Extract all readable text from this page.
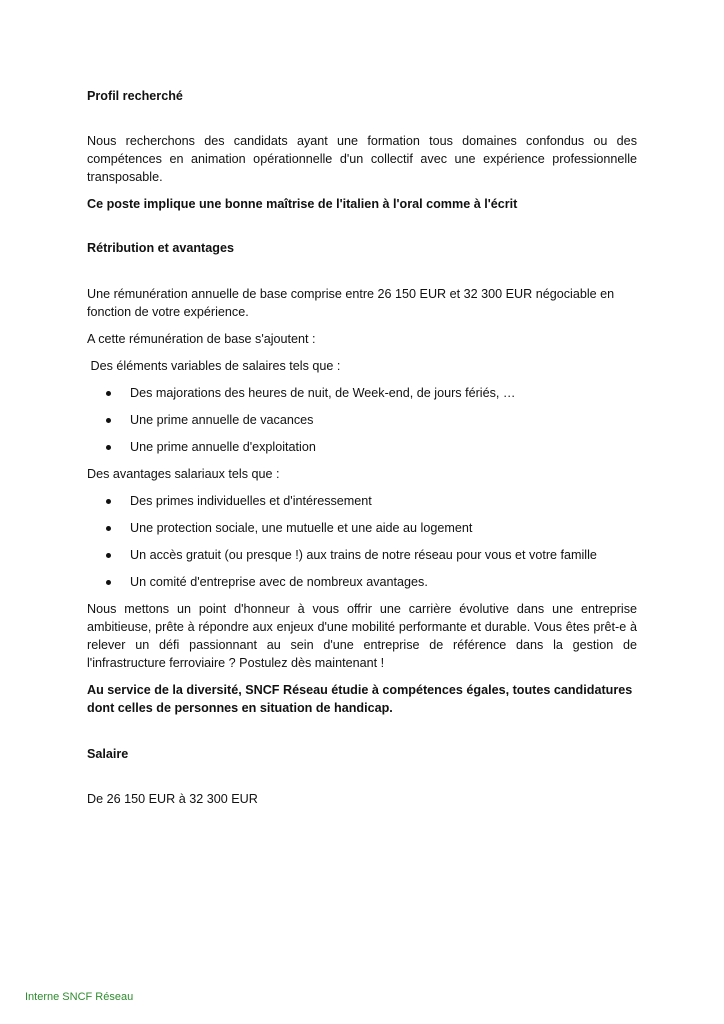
Profil recherché

Nous recherchons des candidats ayant une formation tous domaines confondus ou des compétences en animation opérationnelle d'un collectif avec une expérience professionnelle transposable.

Ce poste implique une bonne maîtrise de l'italien à l'oral comme à l'écrit

Rétribution et avantages

Une rémunération annuelle de base comprise entre 26 150 EUR et 32 300 EUR négociable en fonction de votre expérience.

A cette rémunération de base s'ajoutent :

Des éléments variables de salaires tels que :

Des majorations des heures de nuit, de Week-end, de jours fériés, …
Une prime annuelle de vacances
Une prime annuelle d'exploitation

Des avantages salariaux tels que :

Des primes individuelles et d'intéressement
Une protection sociale, une mutuelle et une aide au logement
Un accès gratuit (ou presque !) aux trains de notre réseau pour vous et votre famille
Un comité d'entreprise avec de nombreux avantages.

Nous mettons un point d'honneur à vous offrir une carrière évolutive dans une entreprise ambitieuse, prête à répondre aux enjeux d'une mobilité performante et durable. Vous êtes prêt-e à relever un défi passionnant au sein d'une entreprise de référence dans la gestion de l'infrastructure ferroviaire ? Postulez dès maintenant !

Au service de la diversité, SNCF Réseau étudie à compétences égales, toutes candidatures dont celles de personnes en situation de handicap.

Salaire

De 26 150 EUR à 32 300 EUR

Interne SNCF Réseau
